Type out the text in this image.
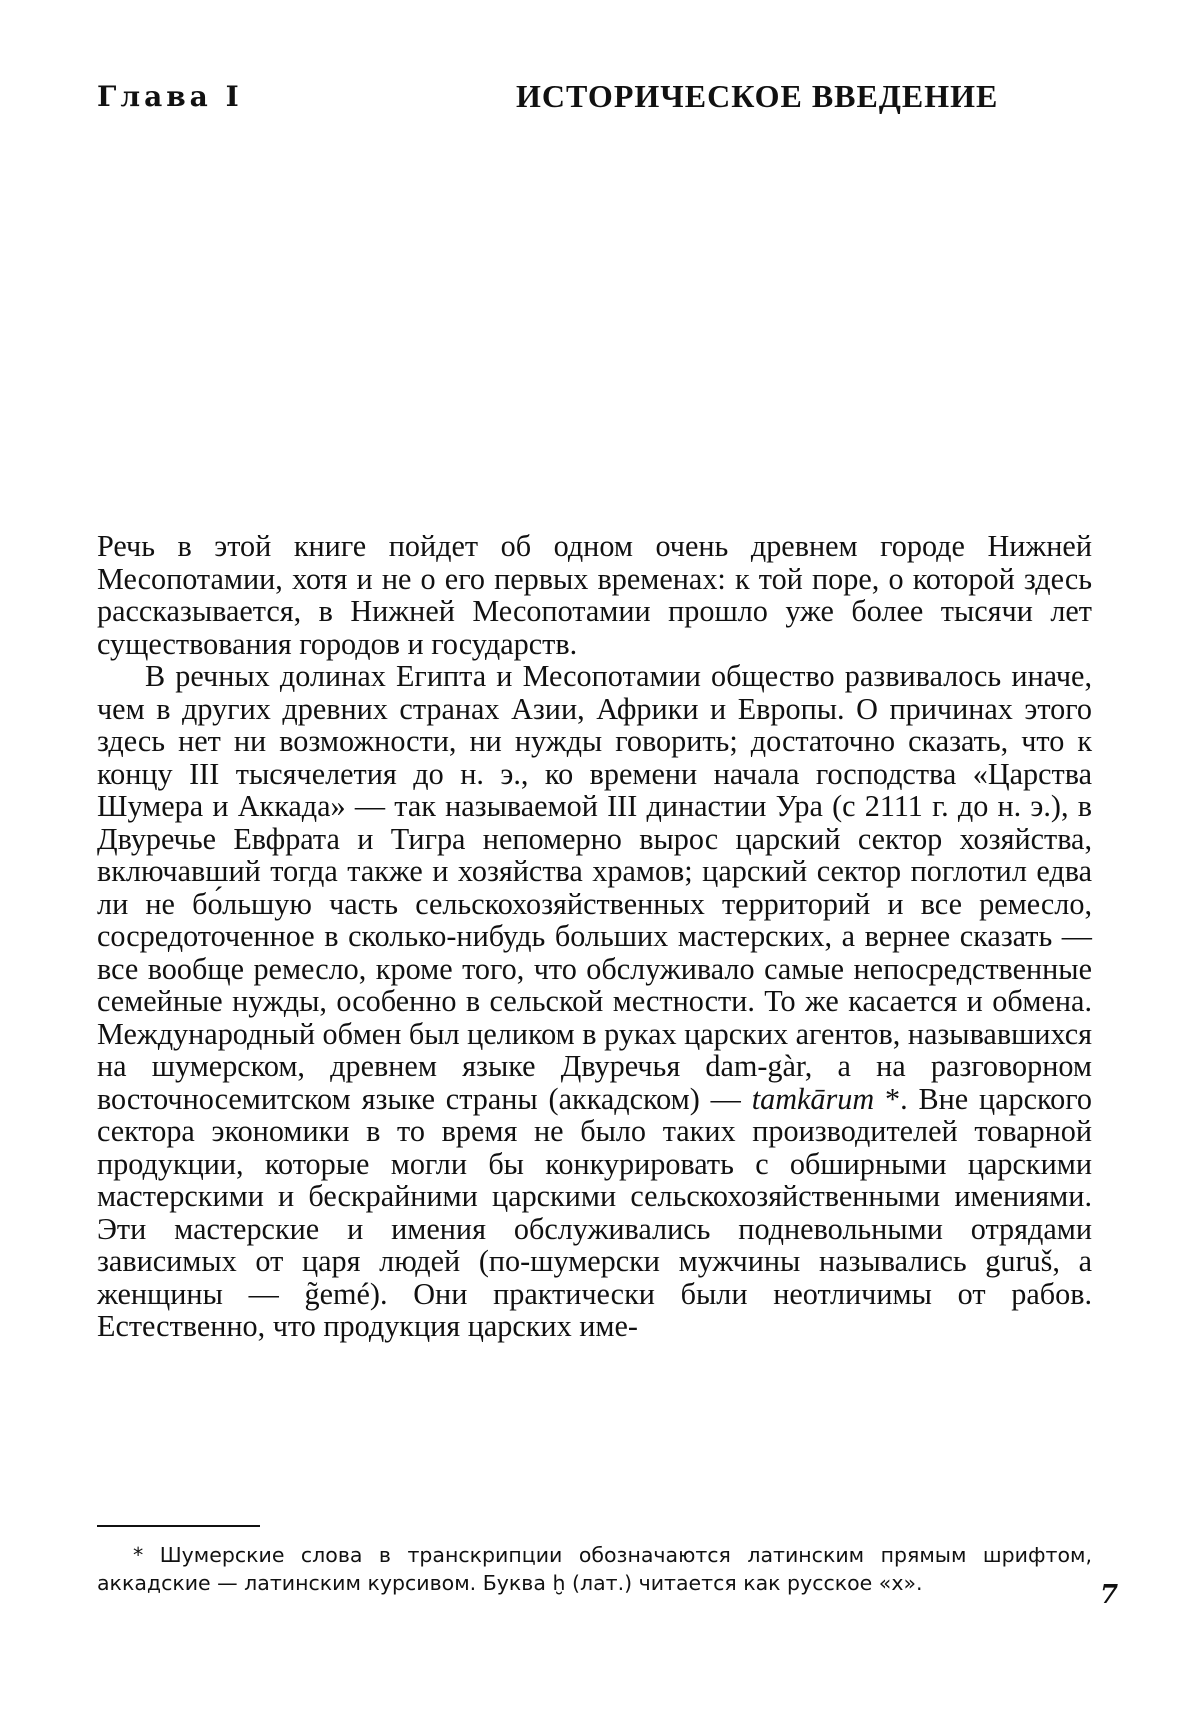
Глава I	ИСТОРИЧЕСКОЕ ВВЕДЕНИЕ

Речь в этой книге пойдет об одном очень древнем городе Нижней Месопотамии, хотя и не о его первых временах: к той поре, о которой здесь рассказывается, в Нижней Месопотамии прошло уже более тысячи лет существования городов и государств.

В речных долинах Египта и Месопотамии общество развивалось иначе, чем в других древних странах Азии, Африки и Европы. О причинах этого здесь нет ни возможности, ни нужды говорить; достаточно сказать, что к концу III тысячелетия до н. э., ко времени начала господства «Царства Шумера и Аккада» — так называемой III династии Ура (с 2111 г. до н. э.), в Двуречье Евфрата и Тигра непомерно вырос царский сектор хозяйства, включавший тогда также и хозяйства храмов; царский сектор поглотил едва ли не бо́льшую часть сельскохозяйственных территорий и все ремесло, сосредоточенное в сколько-нибудь больших мастерских, а вернее сказать — все вообще ремесло, кроме того, что обслуживало самые непосредственные семейные нужды, особенно в сельской местности. То же касается и обмена. Международный обмен был целиком в руках царских агентов, называвшихся на шумерском, древнем языке Двуречья dam-gàr, а на разговорном восточносемитском языке страны (аккадском) — tamkārum *. Вне царского сектора экономики в то время не было таких производителей товарной продукции, которые могли бы конкурировать с обширными царскими мастерскими и бескрайними царскими сельскохозяйственными имениями. Эти мастерские и имения обслуживались подневольными отрядами зависимых от царя людей (по-шумерски мужчины назывались guruš, а женщины — g̃emé). Они практически были неотличимы от рабов. Естественно, что продукция царских име-

* Шумерские слова в транскрипции обозначаются латинским прямым шрифтом, аккадские — латинским курсивом. Буква ḫ (лат.) читается как русское «х».	7
